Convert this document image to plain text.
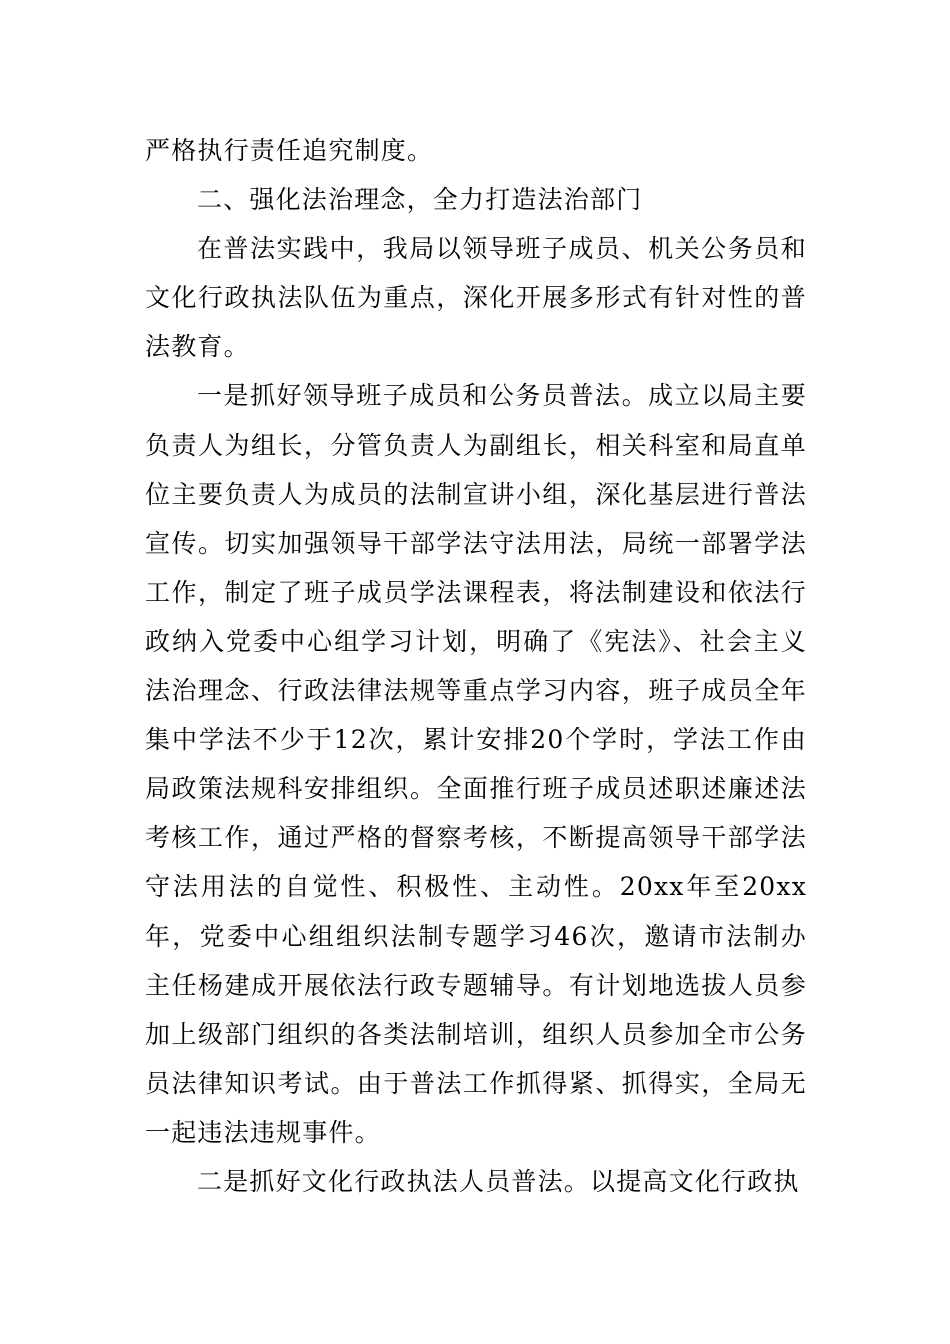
严格执行责任追究制度。

二、强化法治理念，全力打造法治部门

在普法实践中，我局以领导班子成员、机关公务员和文化行政执法队伍为重点，深化开展多形式有针对性的普法教育。

一是抓好领导班子成员和公务员普法。成立以局主要负责人为组长，分管负责人为副组长，相关科室和局直单位主要负责人为成员的法制宣讲小组，深化基层进行普法宣传。切实加强领导干部学法守法用法，局统一部署学法工作，制定了班子成员学法课程表，将法制建设和依法行政纳入党委中心组学习计划，明确了《宪法》、社会主义法治理念、行政法律法规等重点学习内容，班子成员全年集中学法不少于12次，累计安排20个学时，学法工作由局政策法规科安排组织。全面推行班子成员述职述廉述法考核工作，通过严格的督察考核，不断提高领导干部学法守法用法的自觉性、积极性、主动性。20xx年至20xx年，党委中心组组织法制专题学习46次，邀请市法制办主任杨建成开展依法行政专题辅导。有计划地选拔人员参加上级部门组织的各类法制培训，组织人员参加全市公务员法律知识考试。由于普法工作抓得紧、抓得实，全局无一起违法违规事件。

二是抓好文化行政执法人员普法。以提高文化行政执
